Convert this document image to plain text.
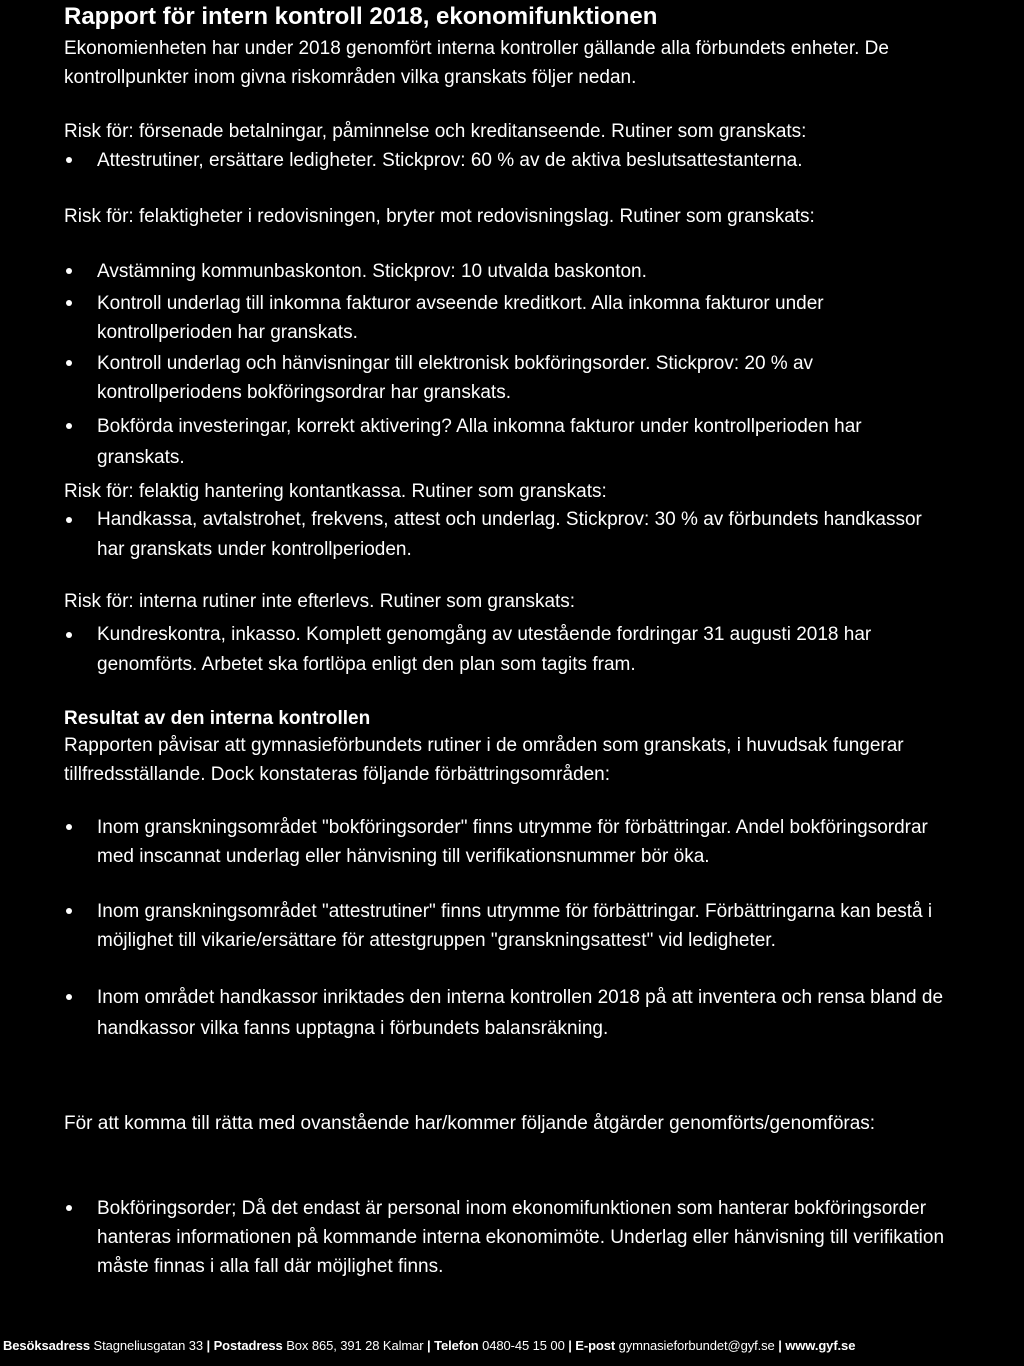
Rapport för intern kontroll 2018, ekonomifunktionen

Ekonomienheten har under 2018 genomfört interna kontroller gällande alla förbundets enheter. De kontrollpunkter inom givna riskområden vilka granskats följer nedan.

Risk för: försenade betalningar, påminnelse och kreditanseende. Rutiner som granskats:

Attestrutiner, ersättare ledigheter. Stickprov: 60 % av de aktiva beslutsattestanterna.

Risk för: felaktigheter i redovisningen, bryter mot redovisningslag. Rutiner som granskats:

Avstämning kommunbaskonton. Stickprov: 10 utvalda baskonton.
Kontroll underlag till inkomna fakturor avseende kreditkort. Alla inkomna fakturor under kontrollperioden har granskats.
Kontroll underlag och hänvisningar till elektronisk bokföringsorder. Stickprov: 20 % av kontrollperiodens bokföringsordrar har granskats.
Bokförda investeringar, korrekt aktivering? Alla inkomna fakturor under kontrollperioden har granskats.

Risk för: felaktig hantering kontantkassa. Rutiner som granskats:

Handkassa, avtalstrohet, frekvens, attest och underlag. Stickprov: 30 % av förbundets handkassor har granskats under kontrollperioden.

Risk för: interna rutiner inte efterlevs. Rutiner som granskats:

Kundreskontra, inkasso. Komplett genomgång av utestående fordringar 31 augusti 2018 har genomförts. Arbetet ska fortlöpa enligt den plan som tagits fram.
Resultat av den interna kontrollen

Rapporten påvisar att gymnasieförbundets rutiner i de områden som granskats, i huvudsak fungerar tillfredsställande. Dock konstateras följande förbättringsområden:

Inom granskningsområdet "bokföringsorder" finns utrymme för förbättringar. Andel bokföringsordrar med inscannat underlag eller hänvisning till verifikationsnummer bör öka.
Inom granskningsområdet "attestrutiner" finns utrymme för förbättringar. Förbättringarna kan bestå i möjlighet till vikarie/ersättare för attestgruppen "granskningsattest" vid ledigheter.
Inom området handkassor inriktades den interna kontrollen 2018 på att inventera och rensa bland de handkassor vilka fanns upptagna i förbundets balansräkning.

För att komma till rätta med ovanstående har/kommer följande åtgärder genomförts/genomföras:

Bokföringsorder; Då det endast är personal inom ekonomifunktionen som hanterar bokföringsorder hanteras informationen på kommande interna ekonomimöte. Underlag eller hänvisning till verifikation måste finnas i alla fall där möjlighet finns.
Besöksadress Stagneliusgatan 33 | Postadress Box 865, 391 28 Kalmar | Telefon 0480-45 15 00 | E-post gymnasieforbundet@gyf.se | www.gyf.se
